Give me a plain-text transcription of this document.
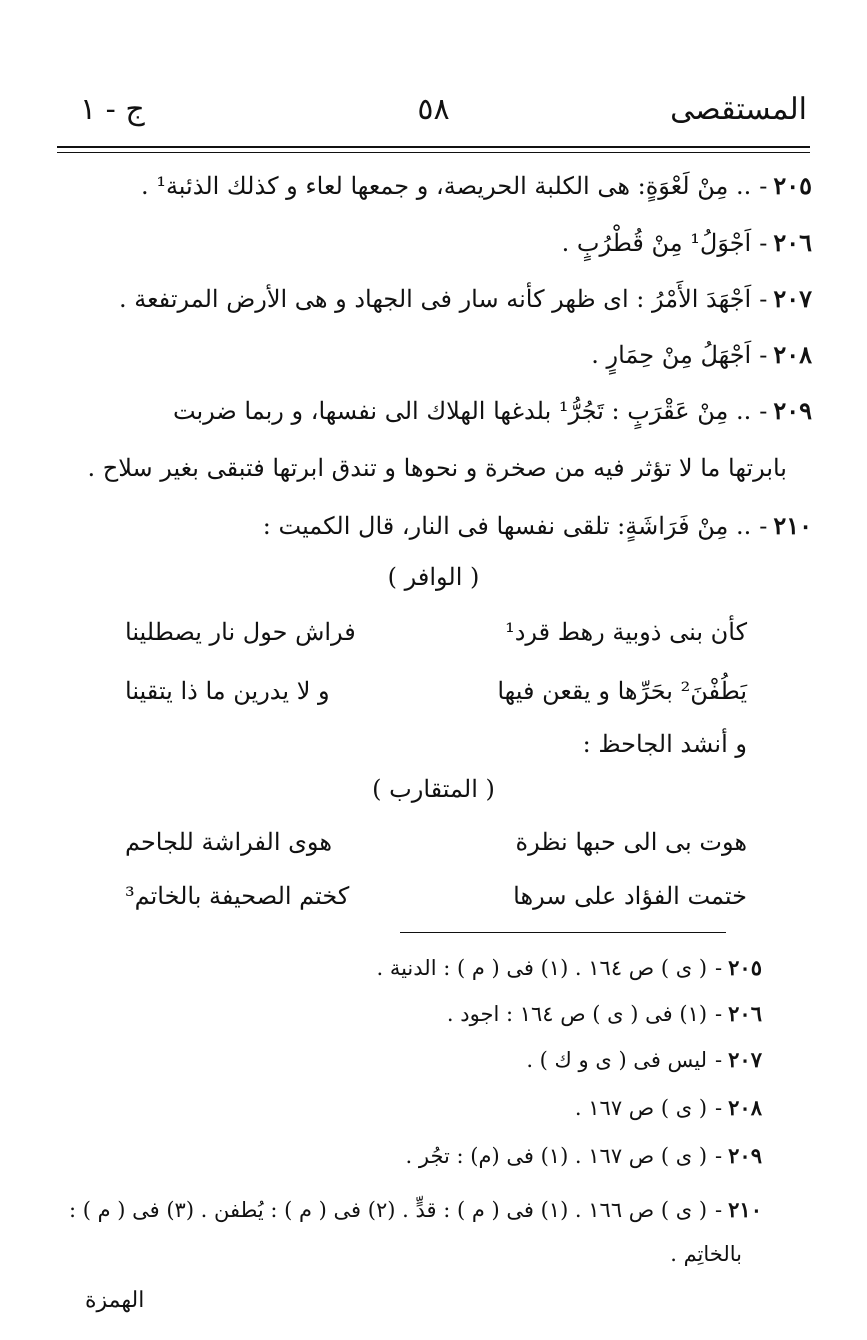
المستقصى
٥٨
ج - ١
٢٠٥-.. مِنْ لَعْوَةٍ: هى الكلبة الحريصة، و جمعها لعاء و كذلك الذئبة¹ .
٢٠٦-اَجْوَلُ¹ مِنْ قُطْرُبٍ .
٢٠٧-اَجْهَدَ الأَمْرُ : اى ظهر كأنه سار فى الجهاد و هى الأرض المرتفعة .
٢٠٨-اَجْهَلُ مِنْ حِمَارٍ .
٢٠٩-.. مِنْ عَقْرَبٍ : تَجُرُّ¹ بلدغها الهلاك الى نفسها، و ربما ضربت
بابرتها ما لا تؤثر فيه من صخرة و نحوها و تندق ابرتها فتبقى بغير سلاح .
٢١٠-.. مِنْ فَرَاشَةٍ: تلقى نفسها فى النار، قال الكميت :
( الوافر )
كأن بنى ذوبية رهط قرد¹
فراش حول نار يصطلينا
يَطُفْنَ² بحَرِّها و يقعن فيها
و لا يدرين ما ذا يتقينا
و أنشد الجاحظ :
( المتقارب )
هوت بى الى حبها نظرة
هوى الفراشة للجاحم
ختمت الفؤاد على سرها
كختم الصحيفة بالخاتم³
٢٠٥-( ى ) ص ١٦٤ . (١) فى ( م ) : الدنية .
٢٠٦-(١) فى ( ى ) ص ١٦٤ : اجود .
٢٠٧-ليس فى ( ى و ك ) .
٢٠٨-( ى ) ص ١٦٧ .
٢٠٩-( ى ) ص ١٦٧ . (١) فى (م) : تجُر .
٢١٠-( ى ) ص ١٦٦ . (١) فى ( م ) : قدٍّ . (٢) فى ( م ) : يُطفن . (٣) فى ( م ) :
بالخاتِم .
الهمزة
